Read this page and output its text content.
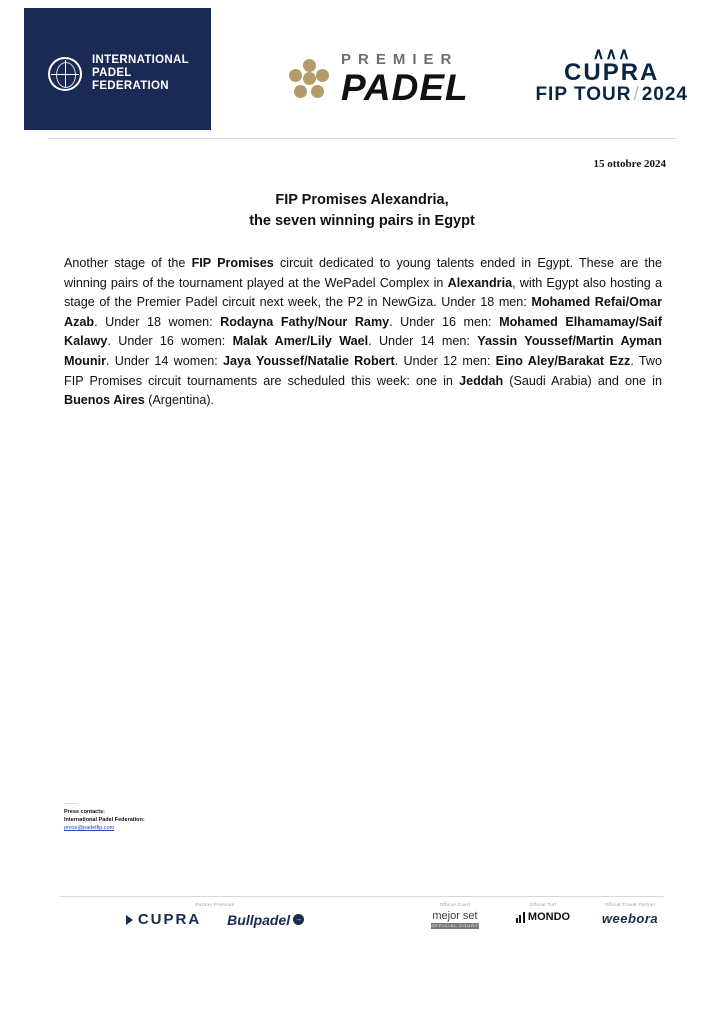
INTERNATIONAL
PADEL
FEDERATION
PREMIER
PADEL
∧∧∧
CUPRA
FIP TOUR / 2024
15 ottobre 2024
FIP Promises Alexandria,
the seven winning pairs in Egypt

Another stage of the FIP Promises circuit dedicated to young talents ended in Egypt. These are the winning pairs of the tournament played at the WePadel Complex in Alexandria, with Egypt also hosting a stage of the Premier Padel circuit next week, the P2 in NewGiza. Under 18 men: Mohamed Refai/Omar Azab. Under 18 women: Rodayna Fathy/Nour Ramy. Under 16 men: Mohamed Elhamamay/Saif Kalawy. Under 16 women: Malak Amer/Lily Wael. Under 14 men: Yassin Youssef/Martin Ayman Mounir. Under 14 women: Jaya Youssef/Natalie Robert. Under 12 men: Eino Aley/Barakat Ezz. Two FIP Promises circuit tournaments are scheduled this week: one in Jeddah (Saudi Arabia) and one in Buenos Aires (Argentina).

-----
Press contacts:
International Padel Federation:
press@padelfip.com
Partner Premium
CUPRA Bullpadel →
Official Court
mejor set
OFFICIAL COURT
Official Turf
MONDO
Official Travel Partner
weebora
